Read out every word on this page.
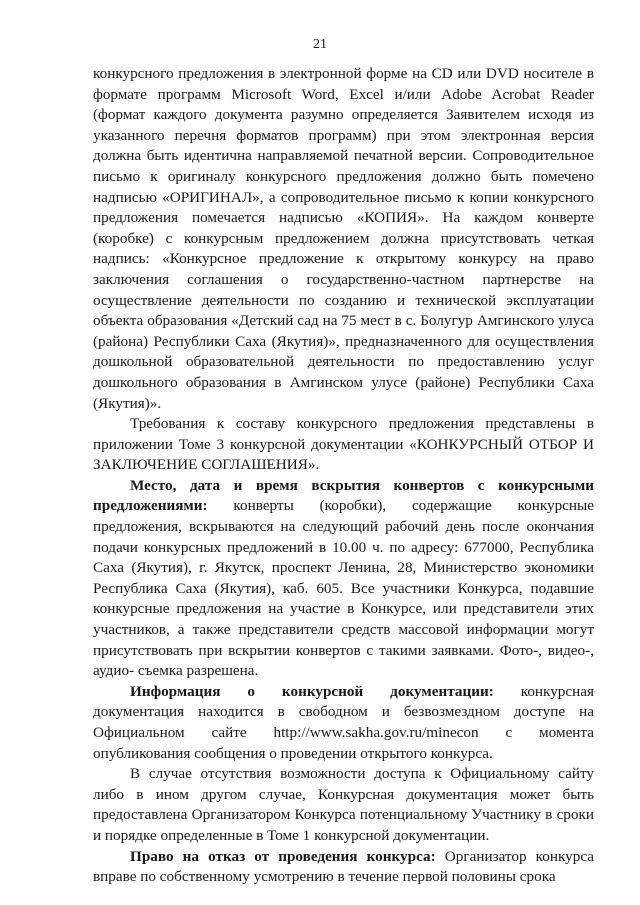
21

конкурсного предложения в электронной форме на CD или DVD носителе в формате программ Microsoft Word, Excel и/или Adobe Acrobat Reader (формат каждого документа разумно определяется Заявителем исходя из указанного перечня форматов программ) при этом электронная версия должна быть идентична направляемой печатной версии. Сопроводительное письмо к оригиналу конкурсного предложения должно быть помечено надписью «ОРИГИНАЛ», а сопроводительное письмо к копии конкурсного предложения помечается надписью «КОПИЯ». На каждом конверте (коробке) с конкурсным предложением должна присутствовать четкая надпись: «Конкурсное предложение к открытому конкурсу на право заключения соглашения о государственно-частном партнерстве на осуществление деятельности по созданию и технической эксплуатации объекта образования «Детский сад на 75 мест в с. Болугур Амгинского улуса (района) Республики Саха (Якутия)», предназначенного для осуществления дошкольной образовательной деятельности по предоставлению услуг дошкольного образования в Амгинском улусе (районе) Республики Саха (Якутия)».

Требования к составу конкурсного предложения представлены в приложении Томе 3 конкурсной документации «КОНКУРСНЫЙ ОТБОР И ЗАКЛЮЧЕНИЕ СОГЛАШЕНИЯ».

Место, дата и время вскрытия конвертов с конкурсными предложениями: конверты (коробки), содержащие конкурсные предложения, вскрываются на следующий рабочий день после окончания подачи конкурсных предложений в 10.00 ч. по адресу: 677000, Республика Саха (Якутия), г. Якутск, проспект Ленина, 28, Министерство экономики Республика Саха (Якутия), каб. 605. Все участники Конкурса, подавшие конкурсные предложения на участие в Конкурсе, или представители этих участников, а также представители средств массовой информации могут присутствовать при вскрытии конвертов с такими заявками. Фото-, видео-, аудио- съемка разрешена.

Информация о конкурсной документации: конкурсная документация находится в свободном и безвозмездном доступе на Официальном сайте http://www.sakha.gov.ru/minecon с момента опубликования сообщения о проведении открытого конкурса.

В случае отсутствия возможности доступа к Официальному сайту либо в ином другом случае, Конкурсная документация может быть предоставлена Организатором Конкурса потенциальному Участнику в сроки и порядке определенные в Томе 1 конкурсной документации.

Право на отказ от проведения конкурса: Организатор конкурса вправе по собственному усмотрению в течение первой половины срока
